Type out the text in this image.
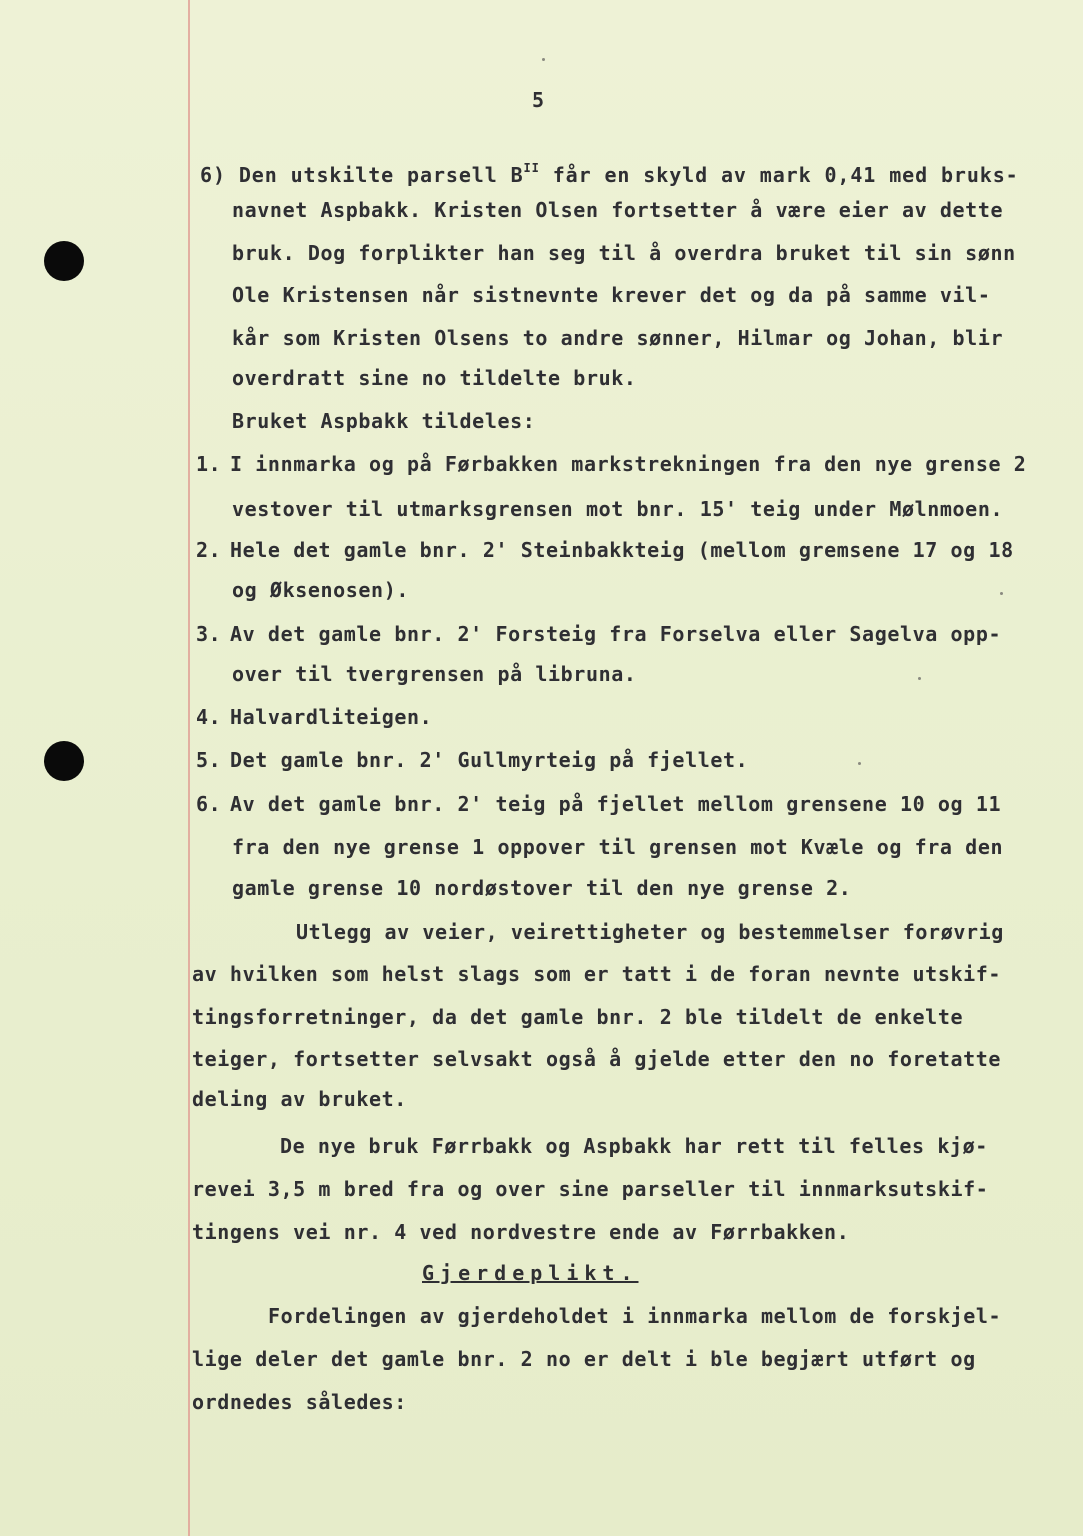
5
6) Den utskilte parsell $B^{II}$ får en skyld av mark 0,41 med bruks-
navnet Aspbakk. Kristen Olsen fortsetter å være eier av dette
bruk. Dog forplikter han seg til å overdra bruket til sin sønn
Ole Kristensen når sistnevnte krever det og da på samme vil-
kår som Kristen Olsens to andre sønner, Hilmar og Johan, blir
overdratt sine no tildelte bruk.
Bruket Aspbakk tildeles:
1. I innmarka og på Førbakken markstrekningen fra den nye grense 2
vestover til utmarksgrensen mot bnr. 15' teig under Mølnmoen.
2. Hele det gamle bnr. 2' Steinbakkteig (mellom gremsene 17 og 18
og Øksenosen).
3. Av det gamle bnr. 2' Forsteig fra Forselva eller Sagelva opp-
over til tvergrensen på libruna.
4. Halvardliteigen.
5. Det gamle bnr. 2' Gullmyrteig på fjellet.
6. Av det gamle bnr. 2' teig på fjellet mellom grensene 10 og 11
fra den nye grense 1 oppover til grensen mot Kvæle og fra den
gamle grense 10 nordøstover til den nye grense 2.
Utlegg av veier, veirettigheter og bestemmelser forøvrig
av hvilken som helst slags som er tatt i de foran nevnte utskif-
tingsforretninger, da det gamle bnr. 2 ble tildelt de enkelte
teiger, fortsetter selvsakt også å gjelde etter den no foretatte
deling av bruket.
De nye bruk Førrbakk og Aspbakk har rett til felles kjø-
revei 3,5 m bred fra og over sine parseller til innmarksutskif-
tingens vei nr. 4 ved nordvestre ende av Førrbakken.
Gjerdeplikt.
Fordelingen av gjerdeholdet i innmarka mellom de forskjel-
lige deler det gamle bnr. 2 no er delt i ble begjært utført og
ordnedes således:
